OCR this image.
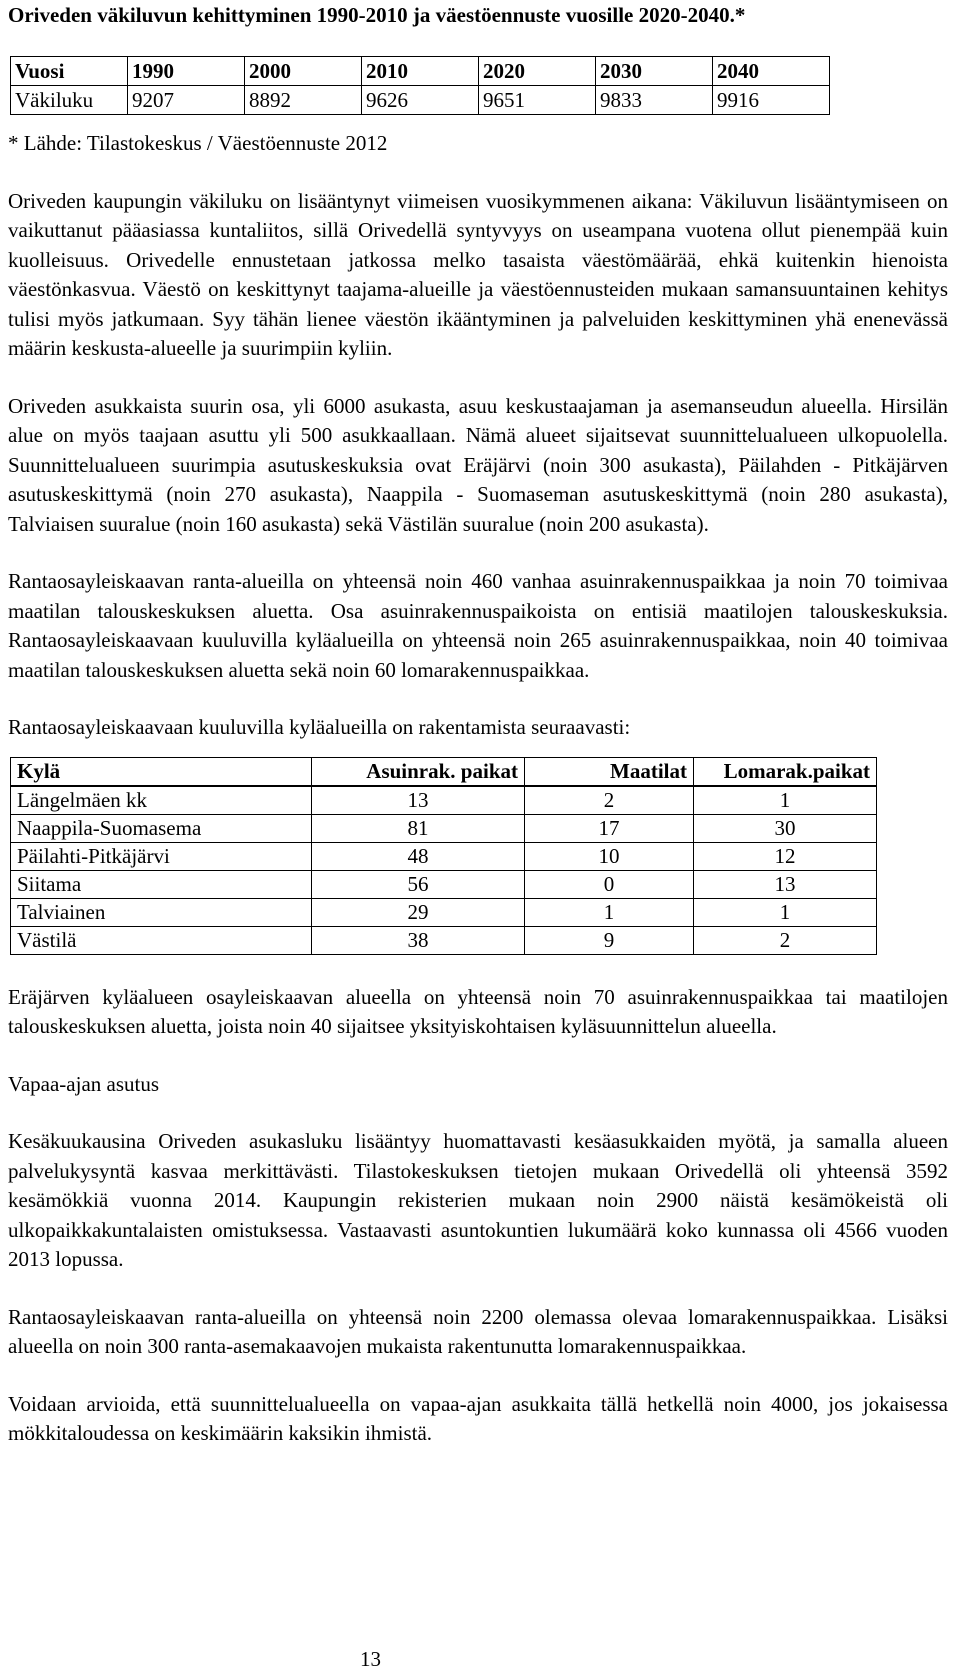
Oriveden väkiluvun kehittyminen 1990-2010 ja väestöennuste vuosille 2020-2040.*
Vuosi	1990	2000	2010	2020	2030	2040
Väkiluku	9207	8892	9626	9651	9833	9916

* Lähde: Tilastokeskus / Väestöennuste 2012

Oriveden kaupungin väkiluku on lisääntynyt viimeisen vuosikymmenen aikana: Väkiluvun lisääntymiseen on vaikuttanut pääasiassa kuntaliitos, sillä Orivedellä syntyvyys on useampana vuotena ollut pienempää kuin kuolleisuus. Orivedelle ennustetaan jatkossa melko tasaista väestömäärää, ehkä kuitenkin hienoista väestönkasvua. Väestö on keskittynyt taajama-alueille ja väestöennusteiden mukaan samansuuntainen kehitys tulisi myös jatkumaan. Syy tähän lienee väestön ikääntyminen ja palveluiden keskittyminen yhä enenevässä määrin keskusta-alueelle ja suurimpiin kyliin.

Oriveden asukkaista suurin osa, yli 6000 asukasta, asuu keskustaajaman ja asemanseudun alueella. Hirsilän alue on myös taajaan asuttu yli 500 asukkaallaan. Nämä alueet sijaitsevat suunnittelualueen ulkopuolella. Suunnittelualueen suurimpia asutuskeskuksia ovat Eräjärvi (noin 300 asukasta), Päilahden - Pitkäjärven asutuskeskittymä (noin 270 asukasta), Naappila - Suomaseman asutuskeskittymä (noin 280 asukasta), Talviaisen suuralue (noin 160 asukasta) sekä Västilän suuralue (noin 200 asukasta).

Rantaosayleiskaavan ranta-alueilla on yhteensä noin 460 vanhaa asuinrakennuspaikkaa ja noin 70 toimivaa maatilan talouskeskuksen aluetta. Osa asuinrakennuspaikoista on entisiä maatilojen talouskeskuksia. Rantaosayleiskaavaan kuuluvilla kyläalueilla on yhteensä noin 265 asuinrakennuspaikkaa, noin 40 toimivaa maatilan talouskeskuksen aluetta sekä noin 60 lomarakennuspaikkaa.

Rantaosayleiskaavaan kuuluvilla kyläalueilla on rakentamista seuraavasti:

Kylä	Asuinrak. paikat	Maatilat	Lomarak.paikat
Längelmäen kk	13	2	1
Naappila-Suomasema	81	17	30
Päilahti-Pitkäjärvi	48	10	12
Siitama	56	0	13
Talviainen	29	1	1
Västilä	38	9	2

Eräjärven kyläalueen osayleiskaavan alueella on yhteensä noin 70 asuinrakennuspaikkaa tai maatilojen talouskeskuksen aluetta, joista noin 40 sijaitsee yksityiskohtaisen kyläsuunnittelun alueella.

Vapaa-ajan asutus

Kesäkuukausina Oriveden asukasluku lisääntyy huomattavasti kesäasukkaiden myötä, ja samalla alueen palvelukysyntä kasvaa merkittävästi. Tilastokeskuksen tietojen mukaan Orivedellä oli yhteensä 3592 kesämökkiä vuonna 2014. Kaupungin rekisterien mukaan noin 2900 näistä kesämökeistä oli ulkopaikkakuntalaisten omistuksessa. Vastaavasti asuntokuntien lukumäärä koko kunnassa oli 4566 vuoden 2013 lopussa.

Rantaosayleiskaavan ranta-alueilla on yhteensä noin 2200 olemassa olevaa lomarakennuspaikkaa. Lisäksi alueella on noin 300 ranta-asemakaavojen mukaista rakentunutta lomarakennuspaikkaa.

Voidaan arvioida, että suunnittelualueella on vapaa-ajan asukkaita tällä hetkellä noin 4000, jos jokaisessa mökkitaloudessa on keskimäärin kaksikin ihmistä.

13
